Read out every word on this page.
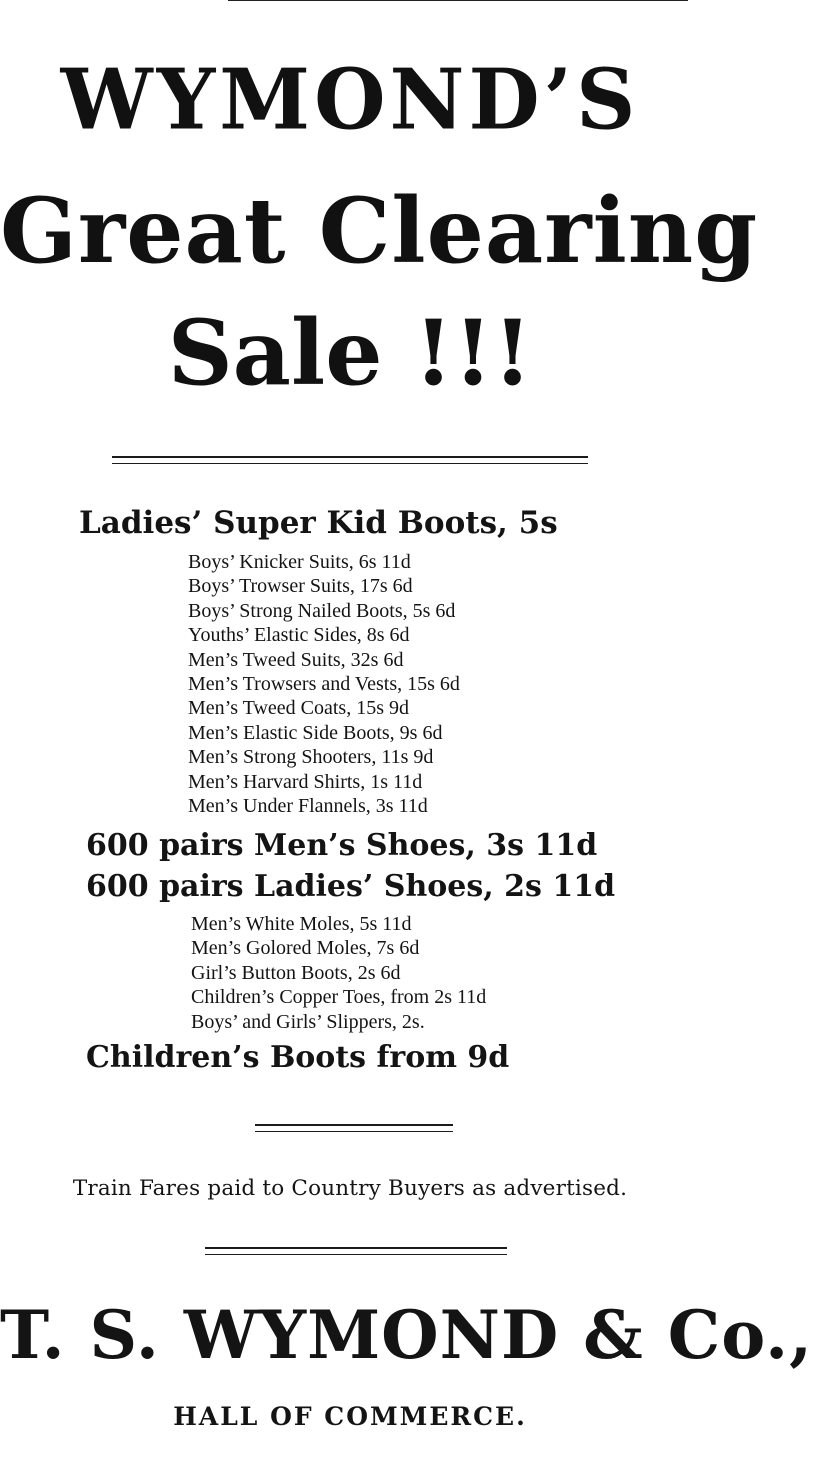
WYMOND’S
Great Clearing
Sale !!!
Ladies’ Super Kid Boots, 5s
Boys’ Knicker Suits, 6s 11d
Boys’ Trowser Suits, 17s 6d
Boys’ Strong Nailed Boots, 5s 6d
Youths’ Elastic Sides, 8s 6d
Men’s Tweed Suits, 32s 6d
Men’s Trowsers and Vests, 15s 6d
Men’s Tweed Coats, 15s 9d
Men’s Elastic Side Boots, 9s 6d
Men’s Strong Shooters, 11s 9d
Men’s Harvard Shirts, 1s 11d
Men’s Under Flannels, 3s 11d
600 pairs Men’s Shoes, 3s 11d
600 pairs Ladies’ Shoes, 2s 11d
Men’s White Moles, 5s 11d
Men’s Golored Moles, 7s 6d
Girl’s Button Boots, 2s 6d
Children’s Copper Toes, from 2s 11d
Boys’ and Girls’ Slippers, 2s.
Children’s Boots from 9d
Train Fares paid to Country Buyers as advertised.
T. S. WYMOND & Co.,
HALL OF COMMERCE.
